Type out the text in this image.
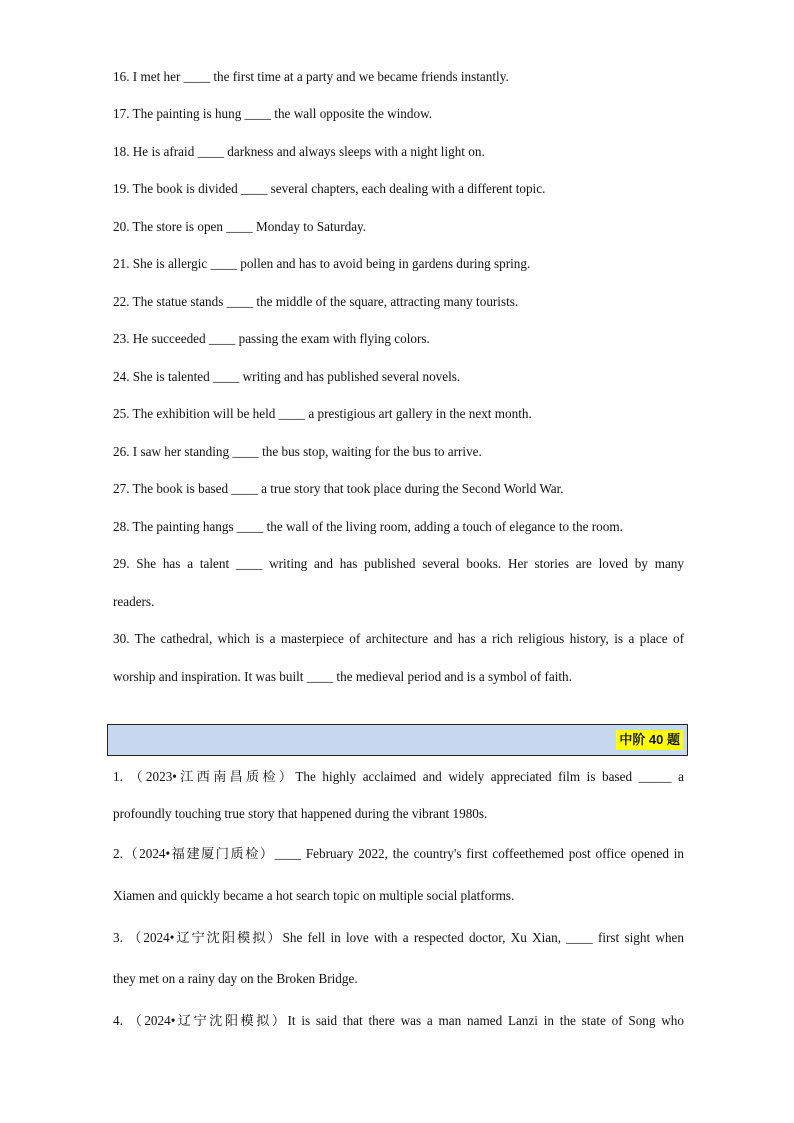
16. I met her ____ the first time at a party and we became friends instantly.
17. The painting is hung ____ the wall opposite the window.
18. He is afraid ____ darkness and always sleeps with a night light on.
19. The book is divided ____ several chapters, each dealing with a different topic.
20. The store is open ____ Monday to Saturday.
21. She is allergic ____ pollen and has to avoid being in gardens during spring.
22. The statue stands ____ the middle of the square, attracting many tourists.
23. He succeeded ____ passing the exam with flying colors.
24. She is talented ____ writing and has published several novels.
25. The exhibition will be held ____ a prestigious art gallery in the next month.
26. I saw her standing ____ the bus stop, waiting for the bus to arrive.
27. The book is based ____ a true story that took place during the Second World War.
28. The painting hangs ____ the wall of the living room, adding a touch of elegance to the room.
29. She has a talent ____ writing and has published several books. Her stories are loved by many
readers.
30. The cathedral, which is a masterpiece of architecture and has a rich religious history, is a place of
worship and inspiration. It was built ____ the medieval period and is a symbol of faith.
中阶 40 题
1. （2023•江西南昌质检）The highly acclaimed and widely appreciated film is based _____ a
profoundly touching true story that happened during the vibrant 1980s.
2.（2024•福建厦门质检）____ February 2022, the country's first coffeethemed post office opened in
Xiamen and quickly became a hot search topic on multiple social platforms.
3. （2024•辽宁沈阳模拟）She fell in love with a respected doctor, Xu Xian, ____ first sight when
they met on a rainy day on the Broken Bridge.
4. （2024•辽宁沈阳模拟）It is said that there was a man named Lanzi in the state of Song who
